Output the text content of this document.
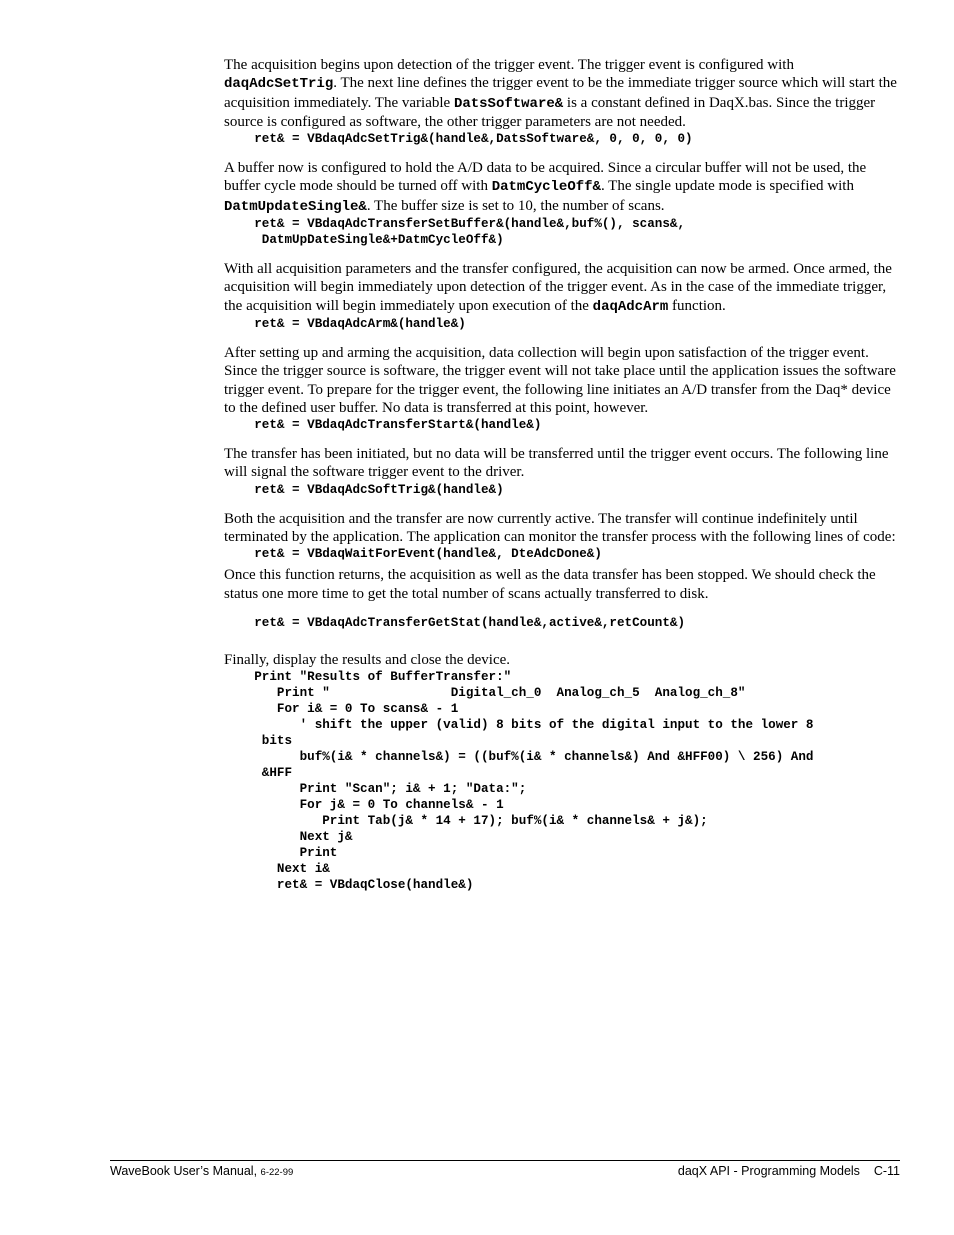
The acquisition begins upon detection of the trigger event. The trigger event is configured with daqAdcSetTrig. The next line defines the trigger event to be the immediate trigger source which will start the acquisition immediately. The variable DatsSoftware& is a constant defined in DaqX.bas. Since the trigger source is configured as software, the other trigger parameters are not needed.

ret& = VBdaqAdcSetTrig&(handle&,DatsSoftware&, 0, 0, 0, 0)

A buffer now is configured to hold the A/D data to be acquired. Since a circular buffer will not be used, the buffer cycle mode should be turned off with DatmCycleOff&. The single update mode is specified with DatmUpdateSingle&. The buffer size is set to 10, the number of scans.

ret& = VBdaqAdcTransferSetBuffer&(handle&,buf%(), scans&,
DatmUpDateSingle&+DatmCycleOff&)

With all acquisition parameters and the transfer configured, the acquisition can now be armed. Once armed, the acquisition will begin immediately upon detection of the trigger event. As in the case of the immediate trigger, the acquisition will begin immediately upon execution of the daqAdcArm function.

ret& = VBdaqAdcArm&(handle&)

After setting up and arming the acquisition, data collection will begin upon satisfaction of the trigger event. Since the trigger source is software, the trigger event will not take place until the application issues the software trigger event. To prepare for the trigger event, the following line initiates an A/D transfer from the Daq* device to the defined user buffer. No data is transferred at this point, however.

ret& = VBdaqAdcTransferStart&(handle&)

The transfer has been initiated, but no data will be transferred until the trigger event occurs. The following line will signal the software trigger event to the driver.

ret& = VBdaqAdcSoftTrig&(handle&)

Both the acquisition and the transfer are now currently active. The transfer will continue indefinitely until terminated by the application. The application can monitor the transfer process with the following lines of code:

ret& = VBdaqWaitForEvent(handle&, DteAdcDone&)

Once this function returns, the acquisition as well as the data transfer has been stopped. We should check the status one more time to get the total number of scans actually transferred to disk.

ret& = VBdaqAdcTransferGetStat(handle&,active&,retCount&)

Finally, display the results and close the device.

Print "Results of BufferTransfer:"
Print "                Digital_ch_0  Analog_ch_5  Analog_ch_8"
For i& = 0 To scans& - 1
' shift the upper (valid) 8 bits of the digital input to the lower 8
bits
buf%(i& * channels&) = ((buf%(i& * channels&) And &HFF00) \ 256) And
&HFF
Print "Scan"; i& + 1; "Data:";
For j& = 0 To channels& - 1
Print Tab(j& * 14 + 17); buf%(i& * channels& + j&);
Next j&
Print
Next i&
ret& = VBdaqClose(handle&)
WaveBook User’s Manual, 6-22-99	daqX API - Programming Models    C-11
